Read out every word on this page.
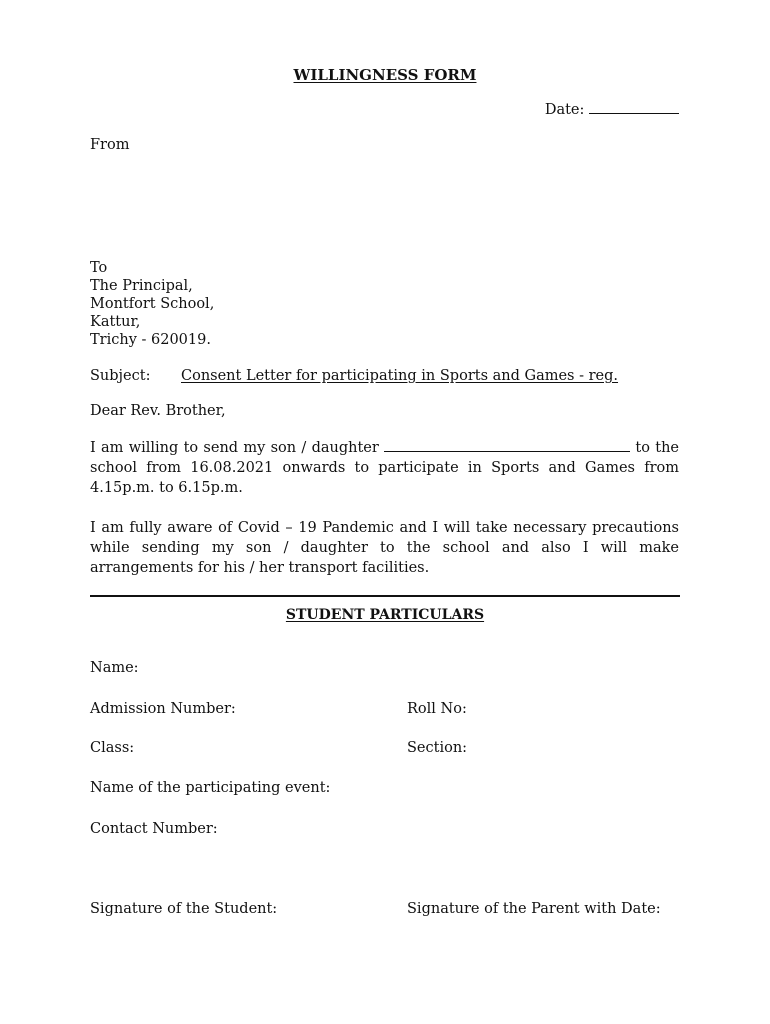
WILLINGNESS FORM
Date:
From
To
The Principal,
Montfort School,
Kattur,
Trichy - 620019.
Subject: Consent Letter for participating in Sports and Games - reg.
Dear Rev. Brother,
I am willing to send my son / daughter	to the school from 16.08.2021 onwards to participate in Sports and Games from 4.15p.m. to 6.15p.m.
I am fully aware of Covid – 19 Pandemic and I will take necessary precautions while sending my son / daughter to the school and also I will make arrangements for his / her transport facilities.
STUDENT PARTICULARS
Name:
Admission Number:	Roll No:
Class:	Section:
Name of the participating event:
Contact Number:
Signature of the Student:	Signature of the Parent with Date:
